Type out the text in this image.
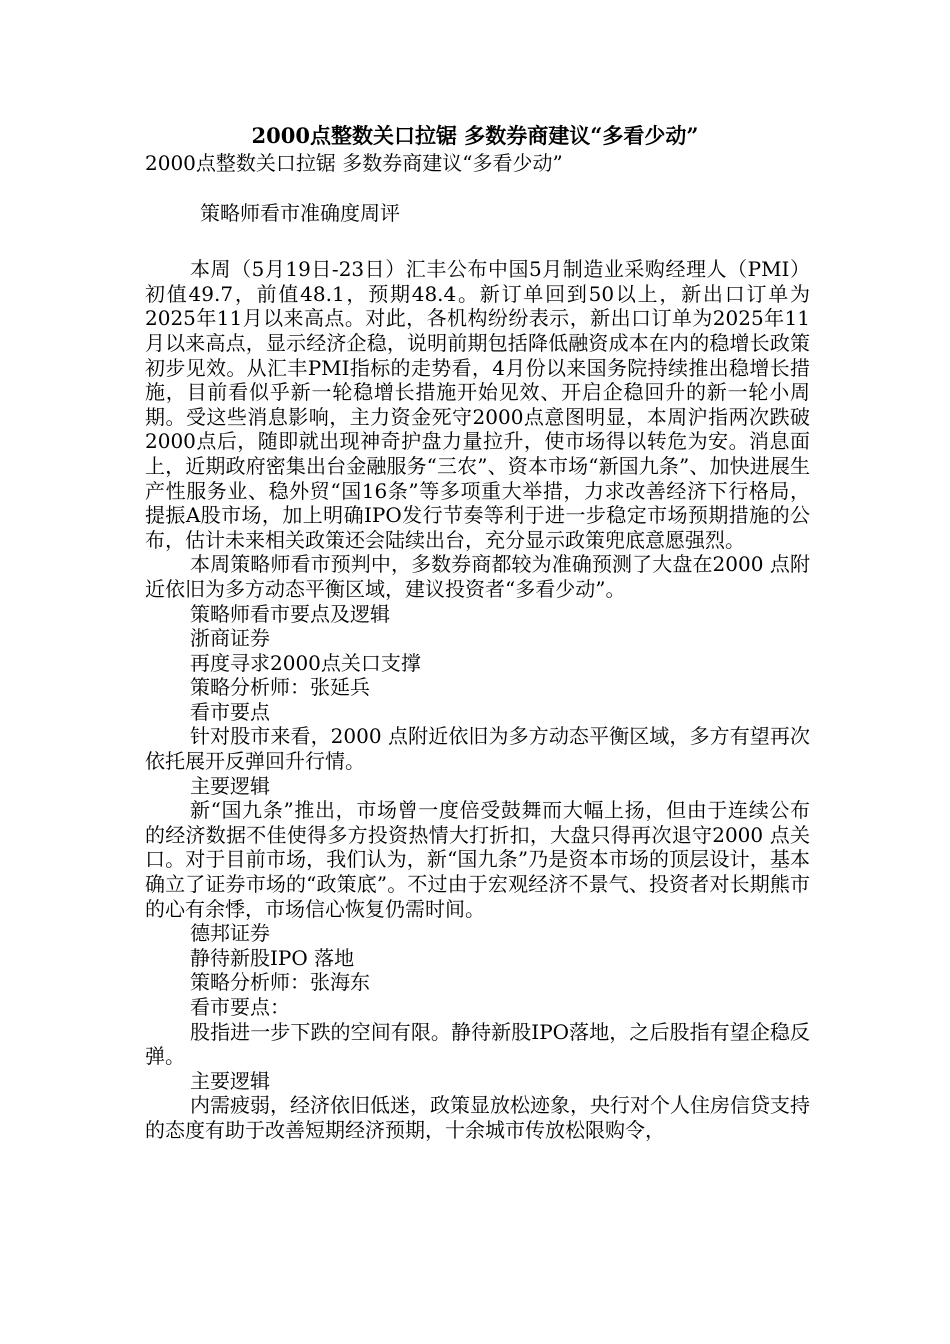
2000点整数关口拉锯 多数券商建议“多看少动”

2000点整数关口拉锯 多数券商建议“多看少动”

策略师看市准确度周评

本周（5月19日-23日）汇丰公布中国5月制造业采购经理人（PMI）初值49.7，前值48.1，预期48.4。新订单回到50以上，新出口订单为2025年11月以来高点。对此，各机构纷纷表示，新出口订单为2025年11月以来高点，显示经济企稳，说明前期包括降低融资成本在内的稳增长政策初步见效。从汇丰PMI指标的走势看，4月份以来国务院持续推出稳增长措施，目前看似乎新一轮稳增长措施开始见效、开启企稳回升的新一轮小周期。受这些消息影响，主力资金死守2000点意图明显，本周沪指两次跌破2000点后，随即就出现神奇护盘力量拉升，使市场得以转危为安。消息面上，近期政府密集出台金融服务“三农”、资本市场“新国九条”、加快进展生产性服务业、稳外贸“国16条”等多项重大举措，力求改善经济下行格局，提振A股市场，加上明确IPO发行节奏等利于进一步稳定市场预期措施的公布，估计未来相关政策还会陆续出台，充分显示政策兜底意愿强烈。

本周策略师看市预判中，多数券商都较为准确预测了大盘在2000 点附近依旧为多方动态平衡区域，建议投资者“多看少动”。

策略师看市要点及逻辑

浙商证券

再度寻求2000点关口支撑

策略分析师：张延兵

看市要点

针对股市来看，2000 点附近依旧为多方动态平衡区域，多方有望再次依托展开反弹回升行情。

主要逻辑

新“国九条”推出，市场曾一度倍受鼓舞而大幅上扬，但由于连续公布的经济数据不佳使得多方投资热情大打折扣，大盘只得再次退守2000 点关口。对于目前市场，我们认为，新“国九条”乃是资本市场的顶层设计，基本确立了证券市场的“政策底”。不过由于宏观经济不景气、投资者对长期熊市的心有余悸，市场信心恢复仍需时间。

德邦证券

静待新股IPO 落地

策略分析师：张海东

看市要点：

股指进一步下跌的空间有限。静待新股IPO落地，之后股指有望企稳反弹。

主要逻辑

内需疲弱，经济依旧低迷，政策显放松迹象，央行对个人住房信贷支持的态度有助于改善短期经济预期，十余城市传放松限购令，
